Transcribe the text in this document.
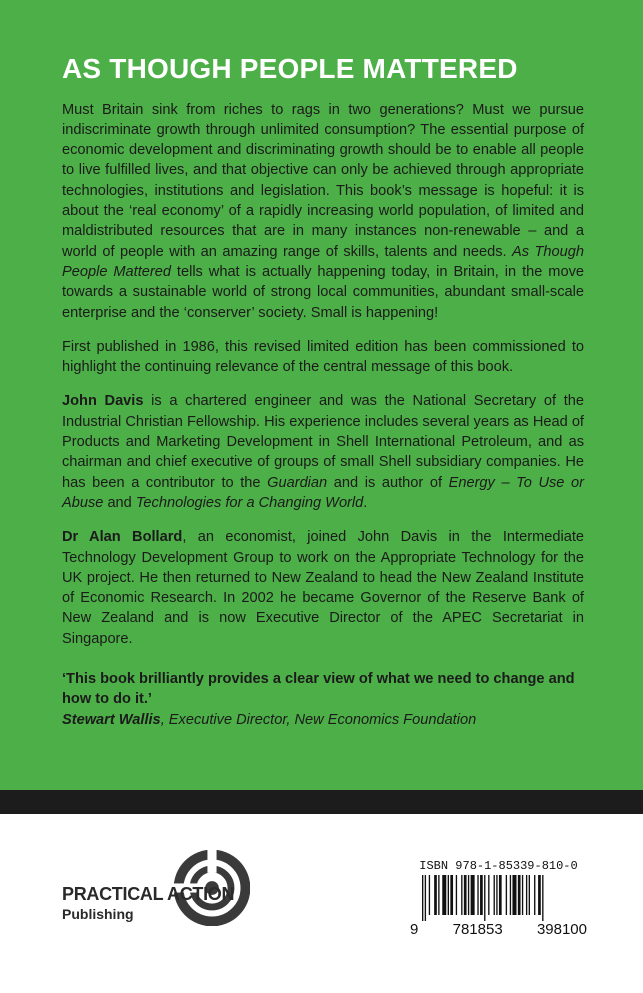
AS THOUGH PEOPLE MATTERED

Must Britain sink from riches to rags in two generations? Must we pursue indiscriminate growth through unlimited consumption? The essential purpose of economic development and discriminating growth should be to enable all people to live fulfilled lives, and that objective can only be achieved through appropriate technologies, institutions and legislation. This book’s message is hopeful: it is about the ‘real economy’ of a rapidly increasing world population, of limited and maldistributed resources that are in many instances non-renewable – and a world of people with an amazing range of skills, talents and needs. As Though People Mattered tells what is actually happening today, in Britain, in the move towards a sustainable world of strong local communities, abundant small-scale enterprise and the ‘conserver’ society. Small is happening!

First published in 1986, this revised limited edition has been commissioned to highlight the continuing relevance of the central message of this book.

John Davis is a chartered engineer and was the National Secretary of the Industrial Christian Fellowship. His experience includes several years as Head of Products and Marketing Development in Shell International Petroleum, and as chairman and chief executive of groups of small Shell subsidiary companies. He has been a contributor to the Guardian and is author of Energy – To Use or Abuse and Technologies for a Changing World.

Dr Alan Bollard, an economist, joined John Davis in the Intermediate Technology Development Group to work on the Appropriate Technology for the UK project. He then returned to New Zealand to head the New Zealand Institute of Economic Research. In 2002 he became Governor of the Reserve Bank of New Zealand and is now Executive Director of the APEC Secretariat in Singapore.

‘This book brilliantly provides a clear view of what we need to change and how to do it.’
Stewart Wallis, Executive Director, New Economics Foundation
PRACTICAL ACTION
Publishing
ISBN 978-1-85339-810-0
9 781853 398100
